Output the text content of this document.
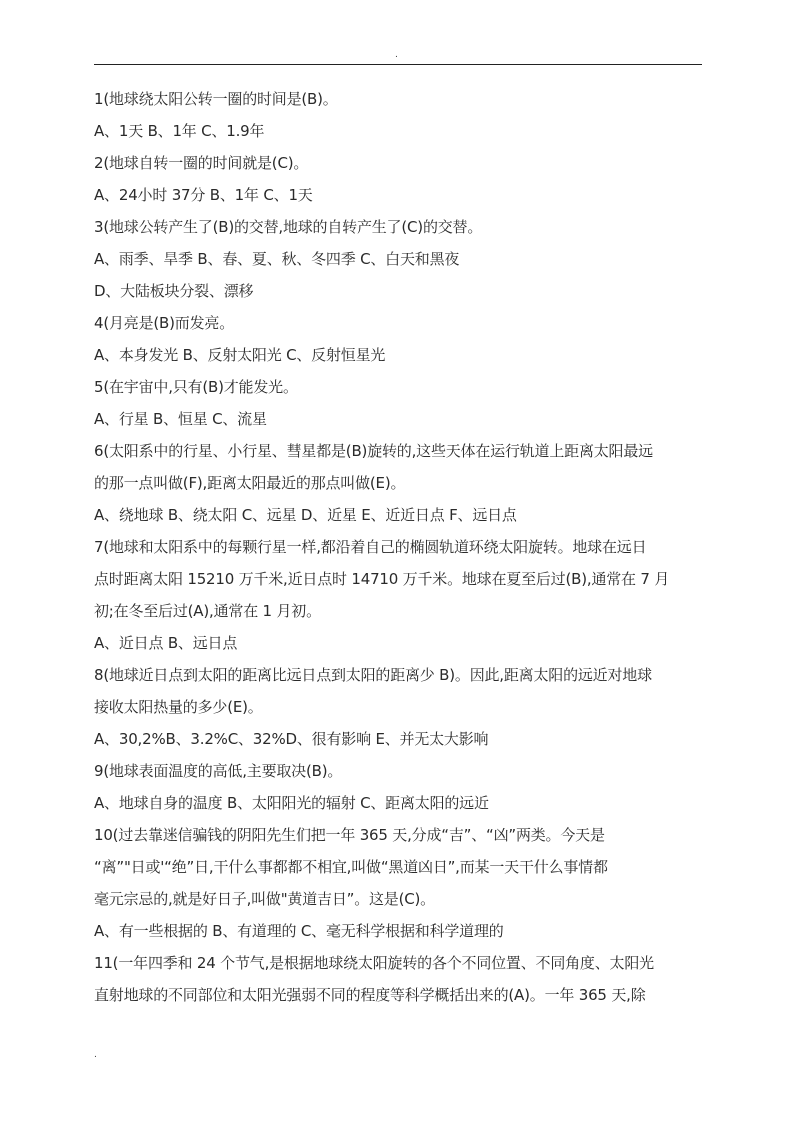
.
1(地球绕太阳公转一圈的时间是(B)。
A、1天 B、1年 C、1.9年
2(地球自转一圈的时间就是(C)。
A、24小时 37分 B、1年 C、1天
3(地球公转产生了(B)的交替,地球的自转产生了(C)的交替。
A、雨季、旱季 B、春、夏、秋、冬四季 C、白天和黑夜
D、大陆板块分裂、漂移
4(月亮是(B)而发亮。
A、本身发光 B、反射太阳光 C、反射恒星光
5(在宇宙中,只有(B)才能发光。
A、行星 B、恒星 C、流星
6(太阳系中的行星、小行星、彗星都是(B)旋转的,这些天体在运行轨道上距离太阳最远
的那一点叫做(F),距离太阳最近的那点叫做(E)。
A、绕地球 B、绕太阳 C、远星 D、近星 E、近近日点 F、远日点
7(地球和太阳系中的每颗行星一样,都沿着自己的椭圆轨道环绕太阳旋转。地球在远日
点时距离太阳 15210 万千米,近日点时 14710 万千米。地球在夏至后过(B),通常在 7 月
初;在冬至后过(A),通常在 1 月初。
A、近日点 B、远日点
8(地球近日点到太阳的距离比远日点到太阳的距离少 B)。因此,距离太阳的远近对地球
接收太阳热量的多少(E)。
A、30,2%B、3.2%C、32%D、很有影响 E、并无太大影响
9(地球表面温度的高低,主要取决(B)。
A、地球自身的温度 B、太阳阳光的辐射 C、距离太阳的远近
10(过去靠迷信骗钱的阴阳先生们把一年 365 天,分成“吉”、“凶”两类。今天是
“离”"日或'“绝”日,干什么事都都不相宜,叫做“黑道凶日”,而某一天干什么事情都
毫元宗忌的,就是好日子,叫做"黄道吉日”。这是(C)。
A、有一些根据的 B、有道理的 C、毫无科学根据和科学道理的
11(一年四季和 24 个节气,是根据地球绕太阳旋转的各个不同位置、不同角度、太阳光
直射地球的不同部位和太阳光强弱不同的程度等科学概括出来的(A)。一年 365 天,除
.
